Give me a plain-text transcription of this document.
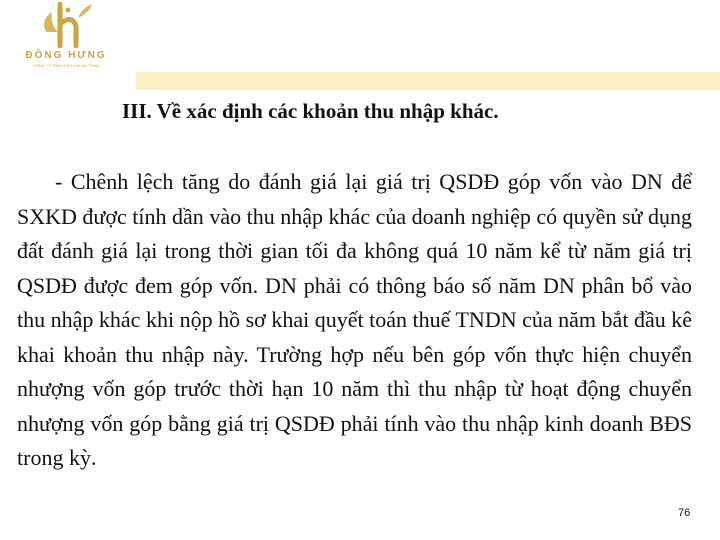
ĐÔNG HƯNG
CÔNG TY TNHH DỊCH VỤ KẾ TOÁN
III. Về xác định các khoản thu nhập khác.
- Chênh lệch tăng do đánh giá lại giá trị QSDĐ góp vốn vào DN để SXKD được tính dần vào thu nhập khác của doanh nghiệp có quyền sử dụng đất đánh giá lại trong thời gian tối đa không quá 10 năm kể từ năm giá trị QSDĐ được đem góp vốn. DN phải có thông báo số năm DN phân bổ vào thu nhập khác khi nộp hồ sơ khai quyết toán thuế TNDN của năm bắt đầu kê khai khoản thu nhập này. Trường hợp nếu bên góp vốn thực hiện chuyển nhượng vốn góp trước thời hạn 10 năm thì thu nhập từ hoạt động chuyển nhượng vốn góp bằng giá trị QSDĐ phải tính vào thu nhập kinh doanh BĐS trong kỳ.
76
